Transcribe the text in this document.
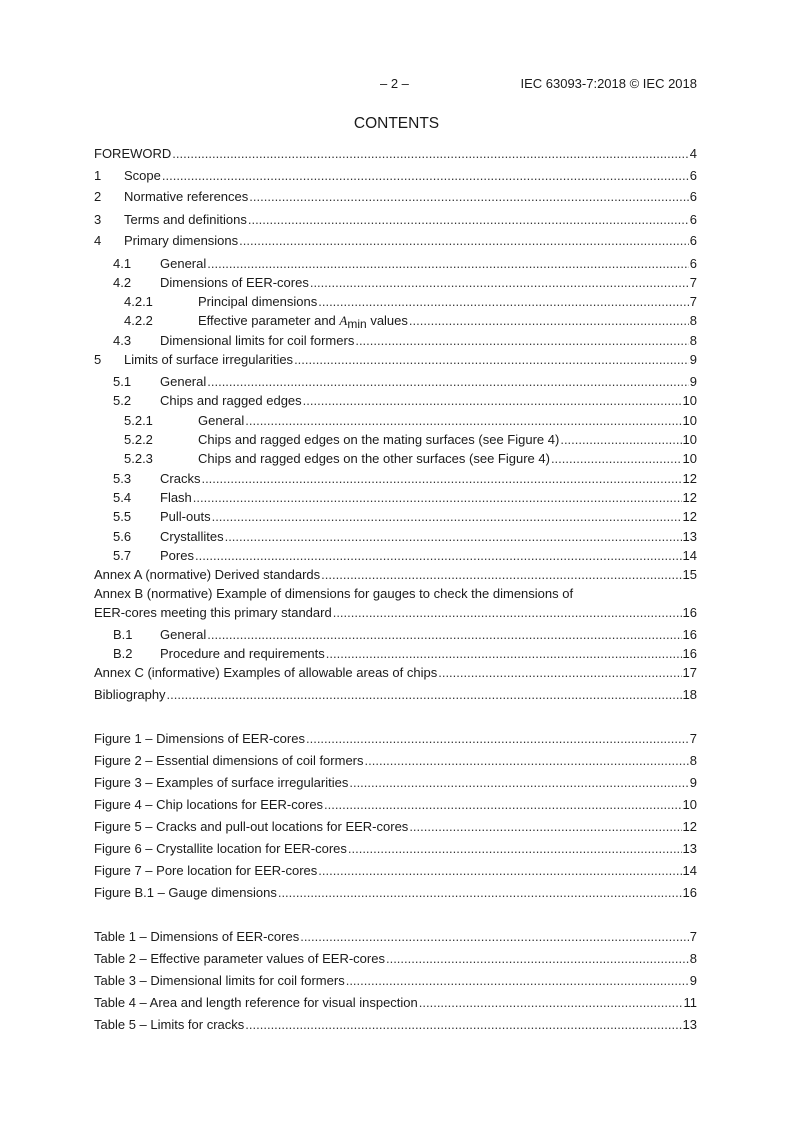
– 2 –	IEC 63093-7:2018 © IEC 2018
CONTENTS
FOREWORD .....	4
1	Scope .....	6
2	Normative references .....	6
3	Terms and definitions .....	6
4	Primary dimensions .....	6
4.1	General .....	6
4.2	Dimensions of EER-cores .....	7
4.2.1	Principal dimensions .....	7
4.2.2	Effective parameter and Amin values .....	8
4.3	Dimensional limits for coil formers .....	8
5	Limits of surface irregularities .....	9
5.1	General .....	9
5.2	Chips and ragged edges .....	10
5.2.1	General .....	10
5.2.2	Chips and ragged edges on the mating surfaces (see Figure 4) .....	10
5.2.3	Chips and ragged edges on the other surfaces (see Figure 4) .....	10
5.3	Cracks .....	12
5.4	Flash .....	12
5.5	Pull-outs .....	12
5.6	Crystallites .....	13
5.7	Pores .....	14
Annex A (normative) Derived standards .....	15
Annex B (normative) Example of dimensions for gauges to check the dimensions of
EER-cores meeting this primary standard .....	16
B.1	General .....	16
B.2	Procedure and requirements .....	16
Annex C (informative) Examples of allowable areas of chips .....	17
Bibliography .....	18
Figure 1 – Dimensions of EER-cores .....	7
Figure 2 – Essential dimensions of coil formers .....	8
Figure 3 – Examples of surface irregularities .....	9
Figure 4 – Chip locations for EER-cores .....	10
Figure 5 – Cracks and pull-out locations for EER-cores .....	12
Figure 6 – Crystallite location for EER-cores .....	13
Figure 7 – Pore location for EER-cores .....	14
Figure B.1 – Gauge dimensions .....	16
Table 1 – Dimensions of EER-cores .....	7
Table 2 – Effective parameter values of EER-cores .....	8
Table 3 – Dimensional limits for coil formers .....	9
Table 4 – Area and length reference for visual inspection .....	11
Table 5 – Limits for cracks .....	13
